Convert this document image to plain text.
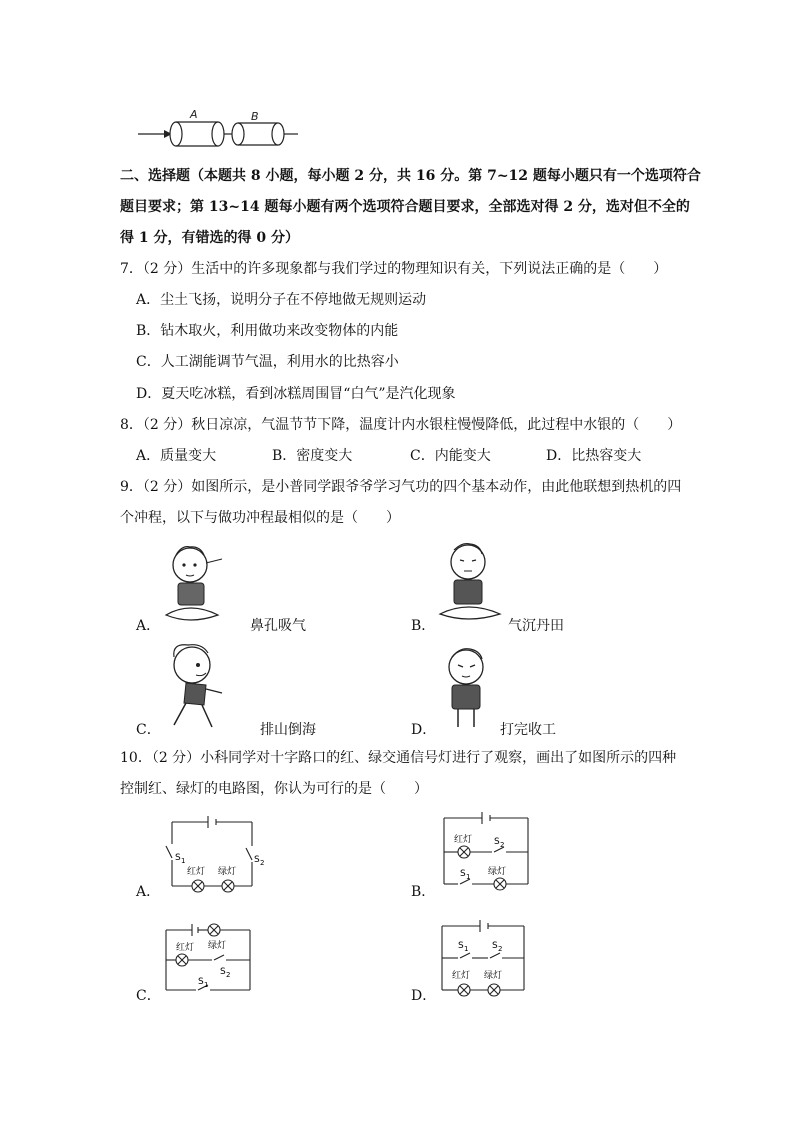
A	B
二、选择题（本题共 8 小题，每小题 2 分，共 16 分。第 7~12 题每小题只有一个选项符合
题目要求；第 13~14 题每小题有两个选项符合题目要求，全部选对得 2 分，选对但不全的
得 1 分，有错选的得 0 分）
7．（2 分）生活中的许多现象都与我们学过的物理知识有关，下列说法正确的是（　　）
A．尘土飞扬，说明分子在不停地做无规则运动
B．钻木取火，利用做功来改变物体的内能
C．人工湖能调节气温，利用水的比热容小
D．夏天吃冰糕，看到冰糕周围冒“白气”是汽化现象
8．（2 分）秋日凉凉，气温节节下降，温度计内水银柱慢慢降低，此过程中水银的（　　）
A．质量变大	B．密度变大	C．内能变大	D．比热容变大
9．（2 分）如图所示，是小普同学跟爷爷学习气功的四个基本动作，由此他联想到热机的四
个冲程，以下与做功冲程最相似的是（　　）
A．	鼻孔吸气	B．	气沉丹田
C．	排山倒海	D．	打完收工
10．（2 分）小科同学对十字路口的红、绿交通信号灯进行了观察，画出了如图所示的四种
控制红、绿灯的电路图，你认为可行的是（　　）
S 1	S 2
红灯 绿灯
A．
红灯 S 2
S 1 绿灯
B．
红灯 绿灯
S 2
S 1
C．
S 1	S 2
红灯 绿灯
D．
